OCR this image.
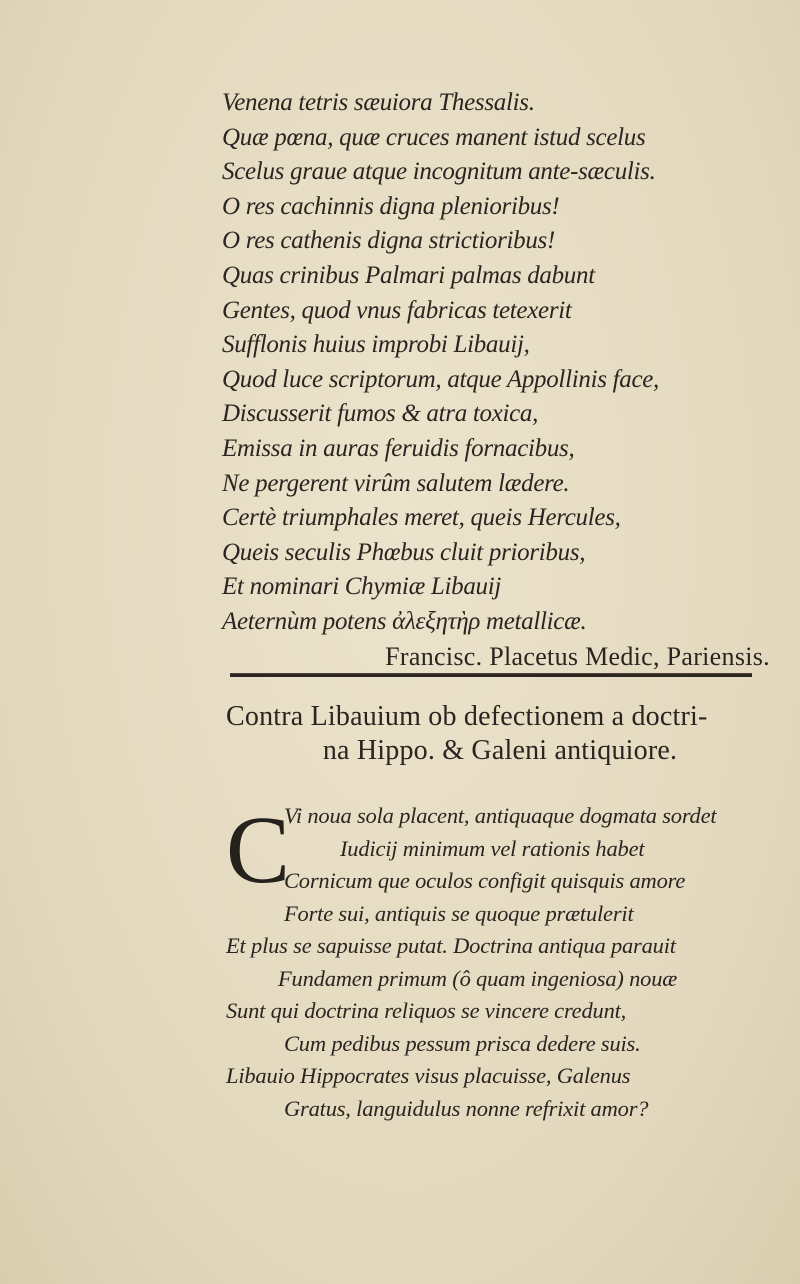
Venena tetris sæuiora Thessalis.
Quæ pœna, quæ cruces manent istud scelus
Scelus graue atque incognitum ante-sæculis.
O res cachinnis digna plenioribus!
O res cathenis digna strictioribus!
Quas crinibus Palmari palmas dabunt
Gentes, quod vnus fabricas tetexerit
Sufflonis huius improbi Libauij,
Quod luce scriptorum, atque Appollinis face,
Discusserit fumos & atra toxica,
Emissa in auras feruidis fornacibus,
Ne pergerent virûm salutem lædere.
Certè triumphales meret, queis Hercules,
Queis seculis Phœbus cluit prioribus,
Et nominari Chymiæ Libauij
Aeternùm potens ἀλεξητὴρ metallicæ.
Francisc. Placetus Medic, Pariensis.
Contra Libauium ob defectionem a doctri-
na Hippo. & Galeni antiquiore.
C
Vi noua sola placent, antiquaque dogmata sordet
Iudicij minimum vel rationis habet
Cornicum que oculos configit quisquis amore
Forte sui, antiquis se quoque prætulerit
Et plus se sapuisse putat. Doctrina antiqua parauit
Fundamen primum (ô quam ingeniosa) nouæ
Sunt qui doctrina reliquos se vincere credunt,
Cum pedibus pessum prisca dedere suis.
Libauio Hippocrates visus placuisse, Galenus
Gratus, languidulus nonne refrixit amor?
